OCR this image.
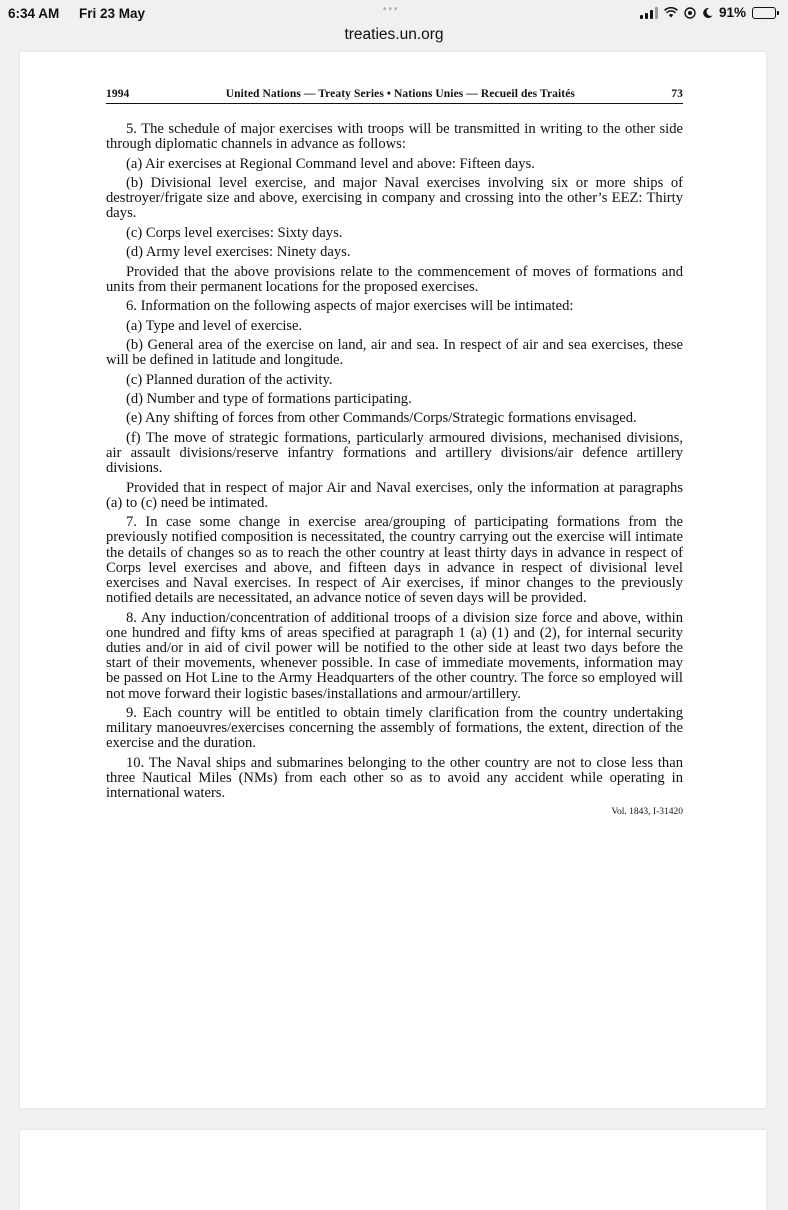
6:34 AM Fri 23 May	•••	91%
treaties.un.org
1994	United Nations — Treaty Series • Nations Unies — Recueil des Traités	73

5. The schedule of major exercises with troops will be transmitted in writing to the other side through diplomatic channels in advance as follows:

(a) Air exercises at Regional Command level and above: Fifteen days.

(b) Divisional level exercise, and major Naval exercises involving six or more ships of destroyer/frigate size and above, exercising in company and crossing into the other’s EEZ: Thirty days.

(c) Corps level exercises: Sixty days.

(d) Army level exercises: Ninety days.

Provided that the above provisions relate to the commencement of moves of formations and units from their permanent locations for the proposed exercises.

6. Information on the following aspects of major exercises will be intimated:

(a) Type and level of exercise.

(b) General area of the exercise on land, air and sea. In respect of air and sea exercises, these will be defined in latitude and longitude.

(c) Planned duration of the activity.

(d) Number and type of formations participating.

(e) Any shifting of forces from other Commands/Corps/Strategic formations envisaged.

(f) The move of strategic formations, particularly armoured divisions, mechanised divisions, air assault divisions/reserve infantry formations and artillery divisions/air defence artillery divisions.

Provided that in respect of major Air and Naval exercises, only the information at paragraphs (a) to (c) need be intimated.

7. In case some change in exercise area/grouping of participating formations from the previously notified composition is necessitated, the country carrying out the exercise will intimate the details of changes so as to reach the other country at least thirty days in advance in respect of Corps level exercises and above, and fifteen days in advance in respect of divisional level exercises and Naval exercises. In respect of Air exercises, if minor changes to the previously notified details are necessitated, an advance notice of seven days will be provided.

8. Any induction/concentration of additional troops of a division size force and above, within one hundred and fifty kms of areas specified at paragraph 1 (a) (1) and (2), for internal security duties and/or in aid of civil power will be notified to the other side at least two days before the start of their movements, whenever possible. In case of immediate movements, information may be passed on Hot Line to the Army Headquarters of the other country. The force so employed will not move forward their logistic bases/installations and armour/artillery.

9. Each country will be entitled to obtain timely clarification from the country undertaking military manoeuvres/exercises concerning the assembly of formations, the extent, direction of the exercise and the duration.

10. The Naval ships and submarines belonging to the other country are not to close less than three Nautical Miles (NMs) from each other so as to avoid any accident while operating in international waters.

Vol. 1843, I-31420
